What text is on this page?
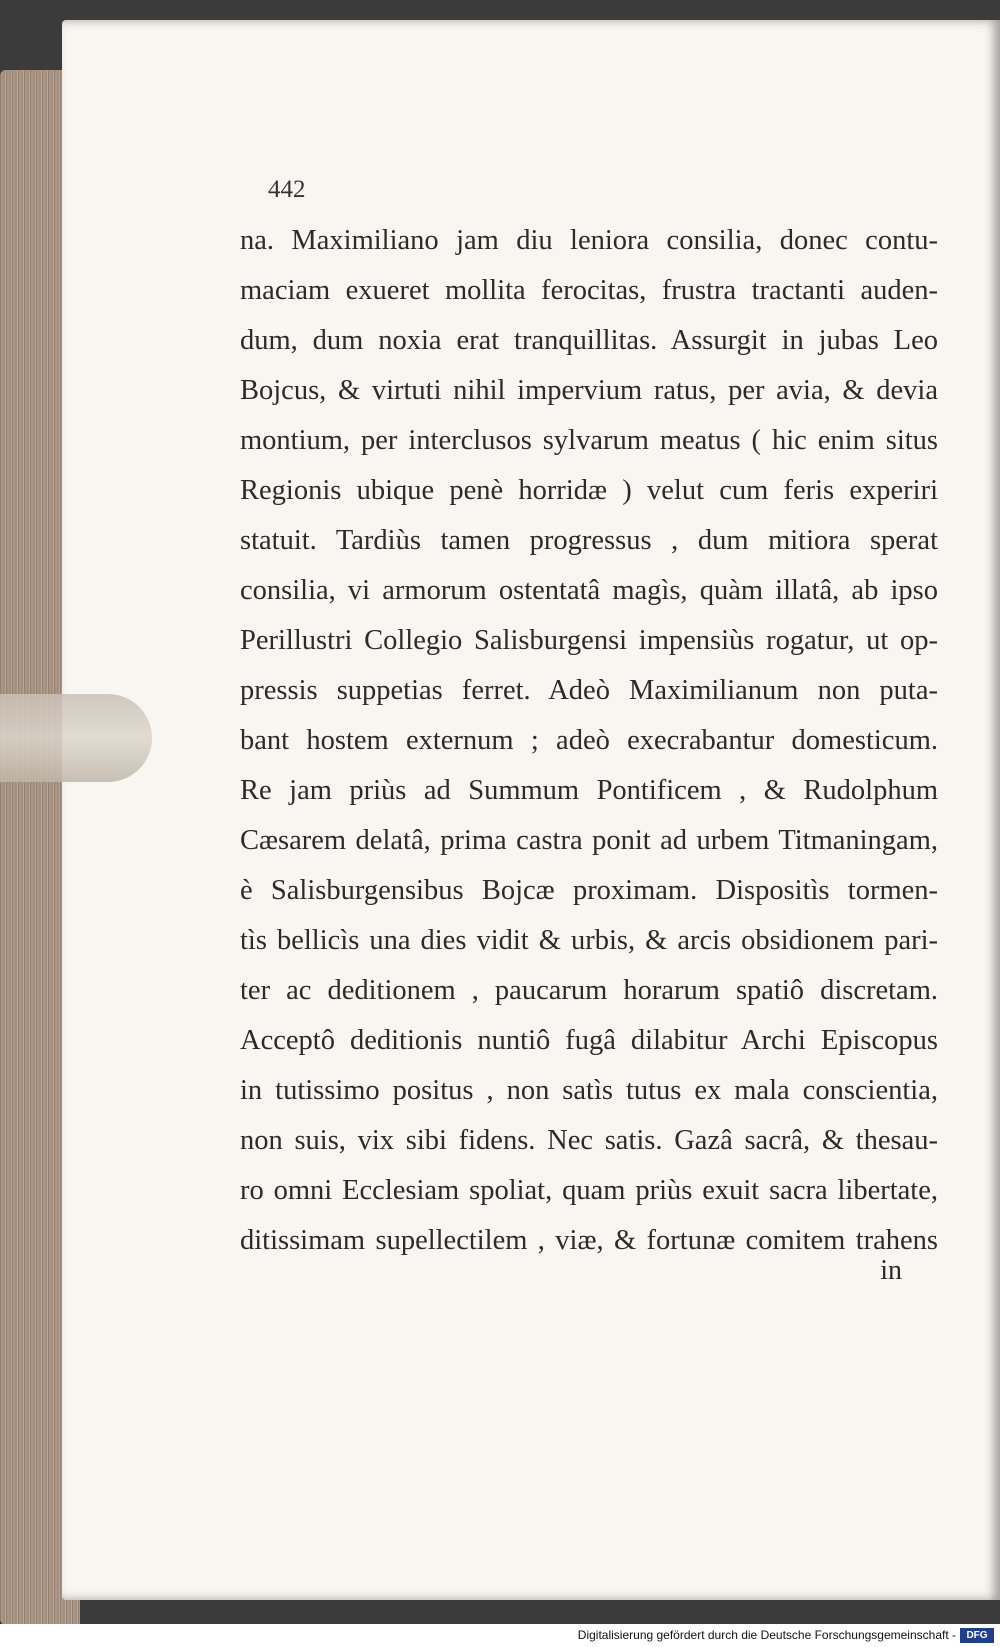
442
na. Maximiliano jam diu leniora consilia, donec contu-
maciam exueret mollita ferocitas, frustra tractanti auden-
dum, dum noxia erat tranquillitas. Assurgit in jubas Leo
Bojcus, & virtuti nihil impervium ratus, per avia, & devia
montium, per interclusos sylvarum meatus ( hic enim situs
Regionis ubique penè horridæ ) velut cum feris experiri
statuit. Tardiùs tamen progressus , dum mitiora sperat
consilia, vi armorum ostentatâ magìs, quàm illatâ, ab ipso
Perillustri Collegio Salisburgensi impensiùs rogatur, ut op-
pressis suppetias ferret. Adeò Maximilianum non puta-
bant hostem externum ; adeò execrabantur domesticum.
Re jam priùs ad Summum Pontificem , & Rudolphum
Cæsarem delatâ, prima castra ponit ad urbem Titmaningam,
è Salisburgensibus Bojcæ proximam. Dispositìs tormen-
tìs bellicìs una dies vidit & urbis, & arcis obsidionem pari-
ter ac deditionem , paucarum horarum spatiô discretam.
Acceptô deditionis nuntiô fugâ dilabitur Archi Episcopus
in tutissimo positus , non satìs tutus ex mala conscientia,
non suis, vix sibi fidens. Nec satis. Gazâ sacrâ, & thesau-
ro omni Ecclesiam spoliat, quam priùs exuit sacra libertate,
ditissimam supellectilem , viæ, & fortunæ comitem trahens
in
Digitalisierung gefördert durch die Deutsche Forschungsgemeinschaft -	DFG
